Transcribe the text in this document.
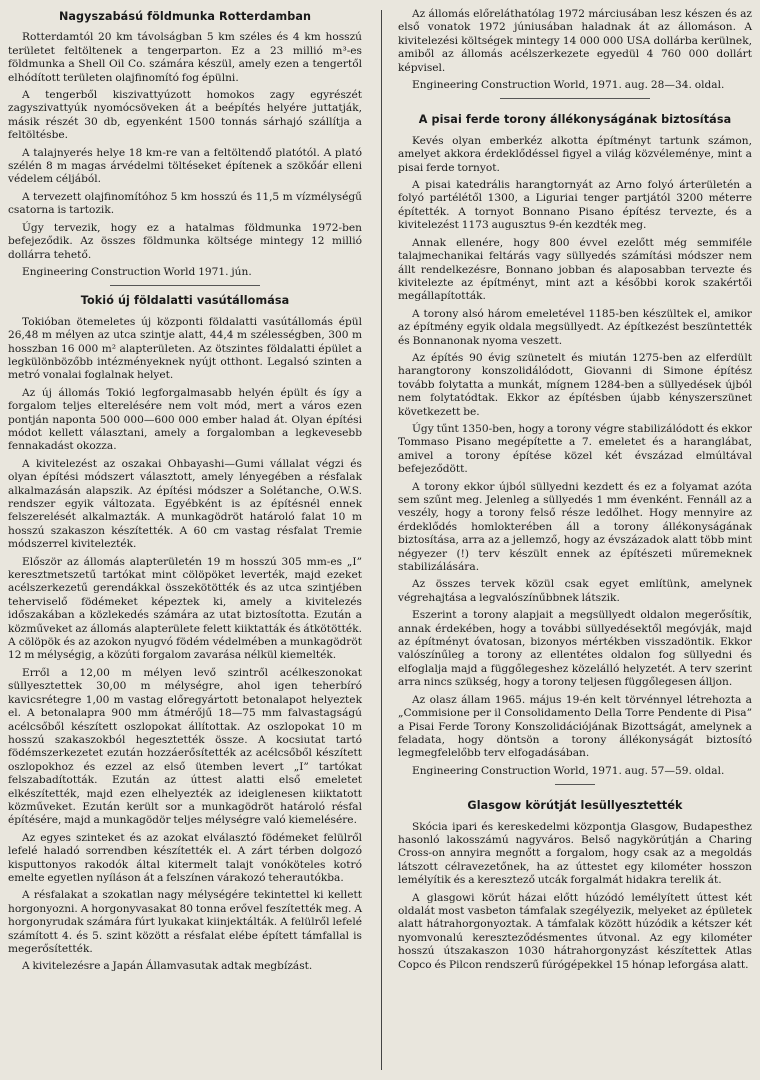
Nagyszabású földmunka Rotterdamban

Rotterdamtól 20 km távolságban 5 km széles és 4 km hosszú területet feltöltenek a tengerparton. Ez a 23 millió m³-es földmunka a Shell Oil Co. számára készül, amely ezen a tengertől elhódított területen olajfinomító fog épülni.

A tengerből kiszivattyúzott homokos zagy egyrészét zagyszivattyúk nyomócsöveken át a beépítés helyére juttatják, másik részét 30 db, egyenként 1500 tonnás sárhajó szállítja a feltöltésbe.

A talajnyerés helye 18 km-re van a feltöltendő platótól. A plató szélén 8 m magas árvédelmi töltéseket építenek a szökőár elleni védelem céljából.

A tervezett olajfinomítóhoz 5 km hosszú és 11,5 m vízmélységű csatorna is tartozik.

Úgy tervezik, hogy ez a hatalmas földmunka 1972-ben befejeződik. Az összes földmunka költsége mintegy 12 millió dollárra tehető.

Engineering Construction World 1971. jún.

Tokió új földalatti vasútállomása

Tokióban ötemeletes új központi földalatti vasútállomás épül 26,48 m mélyen az utca szintje alatt, 44,4 m szélességben, 300 m hosszban 16 000 m² alapterületen. Az ötszintes földalatti épület a legkülönbözőbb intézményeknek nyújt otthont. Legalsó szinten a metró vonalai foglalnak helyet.

Az új állomás Tokió legforgalmasabb helyén épült és így a forgalom teljes elterelésére nem volt mód, mert a város ezen pontján naponta 500 000—600 000 ember halad át. Olyan építési módot kellett választani, amely a forgalomban a legkevesebb fennakadást okozza.

A kivitelezést az oszakai Ohbayashi—Gumi vállalat végzi és olyan építési módszert választott, amely lényegében a résfalak alkalmazásán alapszik. Az építési módszer a Solétanche, O.W.S. rendszer egyik változata. Egyébként is az építésnél ennek felszerelését alkalmazták. A munkagödröt határoló falat 10 m hosszú szakaszon készítették. A 60 cm vastag résfalat Tremie módszerrel kivitelezték.

Először az állomás alapterületén 19 m hosszú 305 mm-es „I” keresztmetszetű tartókat mint cölöpöket leverték, majd ezeket acélszerkezetű gerendákkal összekötötték és az utca szintjében teherviselő födémeket képeztek ki, amely a kivitelezés időszakában a közlekedés számára az utat biztosította. Ezután a közműveket az állomás alapterülete felett kiiktatták és átkötötték. A cölöpök és az azokon nyugvó födém védelmében a munkagödröt 12 m mélységig, a közúti forgalom zavarása nélkül kiemelték.

Erről a 12,00 m mélyen levő szintről acélkeszonokat süllyesztettek 30,00 m mélységre, ahol igen teherbíró kavicsrétegre 1,00 m vastag előregyártott betonalapot helyeztek el. A betonalapra 900 mm átmérőjű 18—75 mm falvastagságú acélcsőből készített oszlopokat állítottak. Az oszlopokat 10 m hosszú szakaszokból hegesztették össze. A kocsiutat tartó födémszerkezetet ezután hozzáerősítették az acélcsőből készített oszlopokhoz és ezzel az első ütemben levert „I” tartókat felszabadították. Ezután az úttest alatti első emeletet elkészítették, majd ezen elhelyezték az ideiglenesen kiiktatott közműveket. Ezután került sor a munkagödröt határoló résfal építésére, majd a munkagödör teljes mélységre való kiemelésére.

Az egyes szinteket és az azokat elválasztó födémeket felülről lefelé haladó sorrendben készítették el. A zárt térben dolgozó kisputtonyos rakodók által kitermelt talajt vonóköteles kotró emelte egyetlen nyíláson át a felszínen várakozó teherautókba.

A résfalakat a szokatlan nagy mélységére tekintettel ki kellett horgonyozni. A horgonyvasakat 80 tonna erővel feszítették meg. A horgonyrudak számára fúrt lyukakat kiinjektálták. A felülről lefelé számított 4. és 5. szint között a résfalat elébe épített támfallal is megerősítették.

A kivitelezésre a Japán Államvasutak adtak megbízást.

Az állomás előreláthatólag 1972 márciusában lesz készen és az első vonatok 1972 júniusában haladnak át az állomáson. A kivitelezési költségek mintegy 14 000 000 USA dollárba kerülnek, amiből az állomás acélszerkezete egyedül 4 760 000 dollárt képvisel.

Engineering Construction World, 1971. aug. 28—34. oldal.

A pisai ferde torony állékonyságának biztosítása

Kevés olyan emberkéz alkotta építményt tartunk számon, amelyet akkora érdeklődéssel figyel a világ közvéleménye, mint a pisai ferde tornyot.

A pisai katedrális harangtornyát az Arno folyó árterületén a folyó partélétől 1300, a Liguriai tenger partjától 3200 méterre építették. A tornyot Bonnano Pisano építész tervezte, és a kivitelezést 1173 augusztus 9-én kezdték meg.

Annak ellenére, hogy 800 évvel ezelőtt még semmiféle talajmechanikai feltárás vagy süllyedés számítási módszer nem állt rendelkezésre, Bonnano jobban és alaposabban tervezte és kivitelezte az építményt, mint azt a későbbi korok szakértői megállapították.

A torony alsó három emeletével 1185-ben készültek el, amikor az építmény egyik oldala megsüllyedt. Az építkezést beszüntették és Bonnanonak nyoma veszett.

Az építés 90 évig szünetelt és miután 1275-ben az elferdült harangtorony konszolidálódott, Giovanni di Simone építész tovább folytatta a munkát, mígnem 1284-ben a süllyedések újból nem folytatódtak. Ekkor az építésben újabb kényszerszünet következett be.

Úgy tűnt 1350-ben, hogy a torony végre stabilizálódott és ekkor Tommaso Pisano megépítette a 7. emeletet és a haranglábat, amivel a torony építése közel két évszázad elmúltával befejeződött.

A torony ekkor újból süllyedni kezdett és ez a folyamat azóta sem szűnt meg. Jelenleg a süllyedés 1 mm évenként. Fennáll az a veszély, hogy a torony felső része ledőlhet. Hogy mennyire az érdeklődés homlokterében áll a torony állékonyságának biztosítása, arra az a jellemző, hogy az évszázadok alatt több mint négyezer (!) terv készült ennek az építészeti műremeknek stabilizálására.

Az összes tervek közül csak egyet említünk, amelynek végrehajtása a legvalószínűbbnek látszik.

Eszerint a torony alapjait a megsüllyedt oldalon megerősítik, annak érdekében, hogy a további süllyedésektől megóvják, majd az építményt óvatosan, bizonyos mértékben visszadöntik. Ekkor valószínűleg a torony az ellentétes oldalon fog süllyedni és elfoglalja majd a függőlegeshez közelálló helyzetét. A terv szerint arra nincs szükség, hogy a torony teljesen függőlegesen álljon.

Az olasz állam 1965. május 19-én kelt törvénnyel létrehozta a „Commisione per il Consolidamento Della Torre Pendente di Pisa” a Pisai Ferde Torony Konszolidációjának Bizottságát, amelynek a feladata, hogy döntsön a torony állékonyságát biztosító legmegfelelőbb terv elfogadásában.

Engineering Construction World, 1971. aug. 57—59. oldal.

Glasgow körútját lesüllyesztették

Skócia ipari és kereskedelmi központja Glasgow, Budapesthez hasonló lakosszámú nagyváros. Belső nagykörútján a Charing Cross-on annyira megnőtt a forgalom, hogy csak az a megoldás látszott célravezetőnek, ha az úttestet egy kilométer hosszon lemélyítik és a keresztező utcák forgalmát hidakra terelik át.

A glasgowi körút házai előtt húzódó lemélyített úttest két oldalát most vasbeton támfalak szegélyezik, melyeket az épületek alatt hátrahorgonyoztak. A támfalak között húzódik a kétszer két nyomvonalú kereszteződésmentes útvonal. Az egy kilométer hosszú útszakaszon 1030 hátrahorgonyzást készítettek Atlas Copco és Pilcon rendszerű fúrógépekkel 15 hónap leforgása alatt.
